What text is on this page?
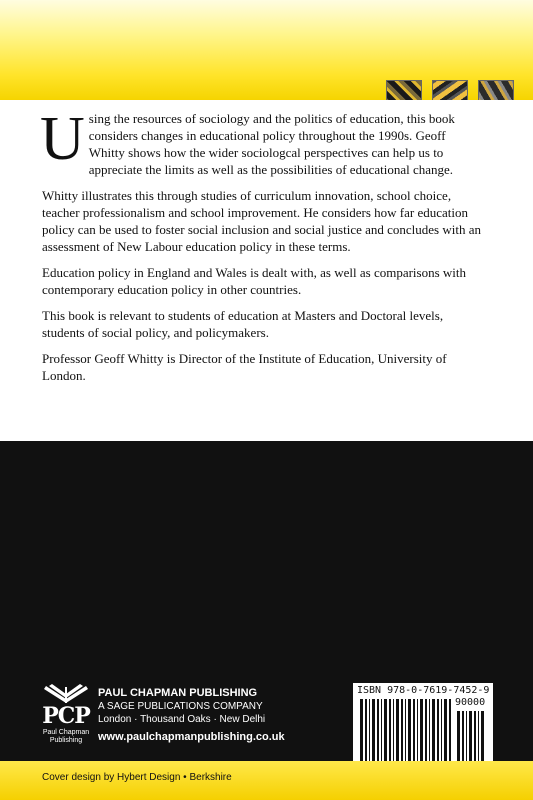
Using the resources of sociology and the politics of education, this book considers changes in educational policy throughout the 1990s. Geoff Whitty shows how the wider sociologcal perspectives can help us to appreciate the limits as well as the possibilities of educational change.

Whitty illustrates this through studies of curriculum innovation, school choice, teacher professionalism and school improvement. He considers how far education policy can be used to foster social inclusion and social justice and concludes with an assessment of New Labour education policy in these terms.

Education policy in England and Wales is dealt with, as well as comparisons with contemporary education policy in other countries.

This book is relevant to students of education at Masters and Doctoral levels, students of social policy, and policymakers.

Professor Geoff Whitty is Director of the Institute of Education, University of London.

PCP
Paul Chapman Publishing
PAUL CHAPMAN PUBLISHING
A SAGE PUBLICATIONS COMPANY
London · Thousand Oaks · New Delhi
www.paulchapmanpublishing.co.uk
ISBN 978-0-7619-7452-9
90000
Cover design by Hybert Design • Berkshire
